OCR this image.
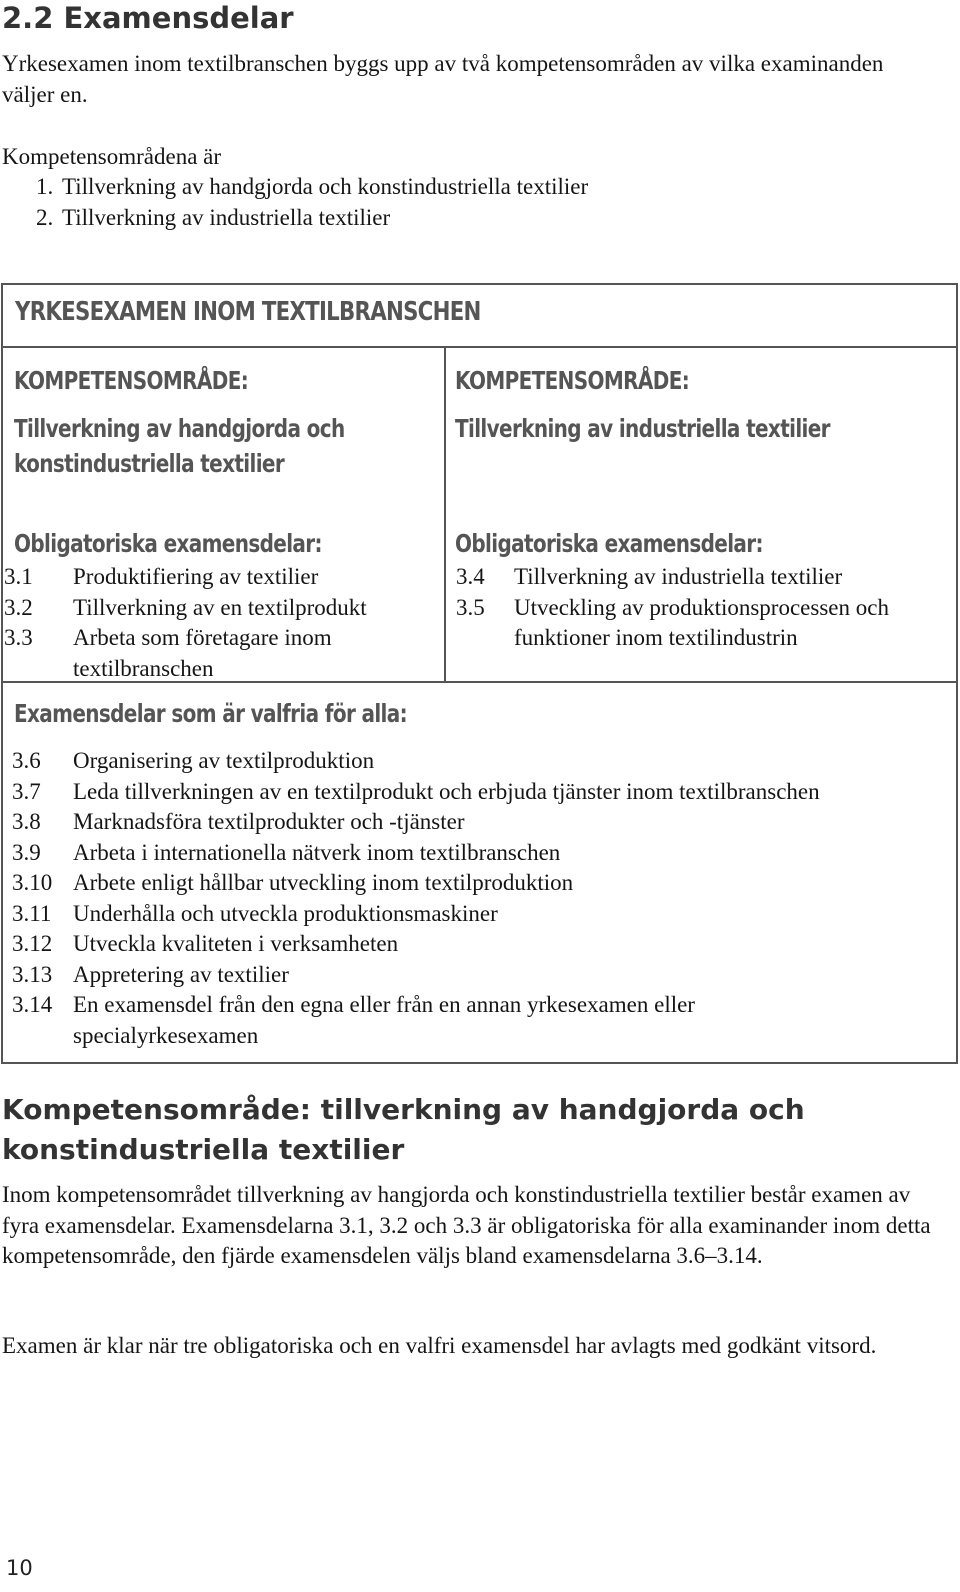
2.2 Examensdelar

Yrkesexamen inom textilbranschen byggs upp av två kompetensområden av vilka examinanden väljer en.

Kompetensområdena är

1. Tillverkning av handgjorda och konstindustriella textilier
2. Tillverkning av industriella textilier
YRKESEXAMEN INOM TEXTILBRANSCHEN
KOMPETENSOMRÅDE:
Tillverkning av handgjorda och
konstindustriella textilier
Obligatoriska examensdelar:
3.1	Produktifiering av textilier
3.2	Tillverkning av en textilprodukt
3.3	Arbeta som företagare inom textilbranschen
KOMPETENSOMRÅDE:
Tillverkning av industriella textilier
Obligatoriska examensdelar:
3.4	Tillverkning av industriella textilier
3.5	Utveckling av produktionsprocessen och funktioner inom textilindustrin
Examensdelar som är valfria för alla:
3.6	Organisering av textilproduktion
3.7	Leda tillverkningen av en textilprodukt och erbjuda tjänster inom textilbranschen
3.8	Marknadsföra textilprodukter och -tjänster
3.9	Arbeta i internationella nätverk inom textilbranschen
3.10 Arbete enligt hållbar utveckling inom textilproduktion
3.11 Underhålla och utveckla produktionsmaskiner
3.12 Utveckla kvaliteten i verksamheten
3.13 Appretering av textilier
3.14 En examensdel från den egna eller från en annan yrkesexamen eller specialyrkesexamen
Kompetensområde: tillverkning av handgjorda och konstindustriella textilier

Inom kompetensområdet tillverkning av hangjorda och konstindustriella textilier består examen av fyra examensdelar. Examensdelarna 3.1, 3.2 och 3.3 är obligatoriska för alla examinander inom detta kompetensområde, den fjärde examensdelen väljs bland examensdelarna 3.6–3.14.

Examen är klar när tre obligatoriska och en valfri examensdel har avlagts med godkänt vitsord.

10
